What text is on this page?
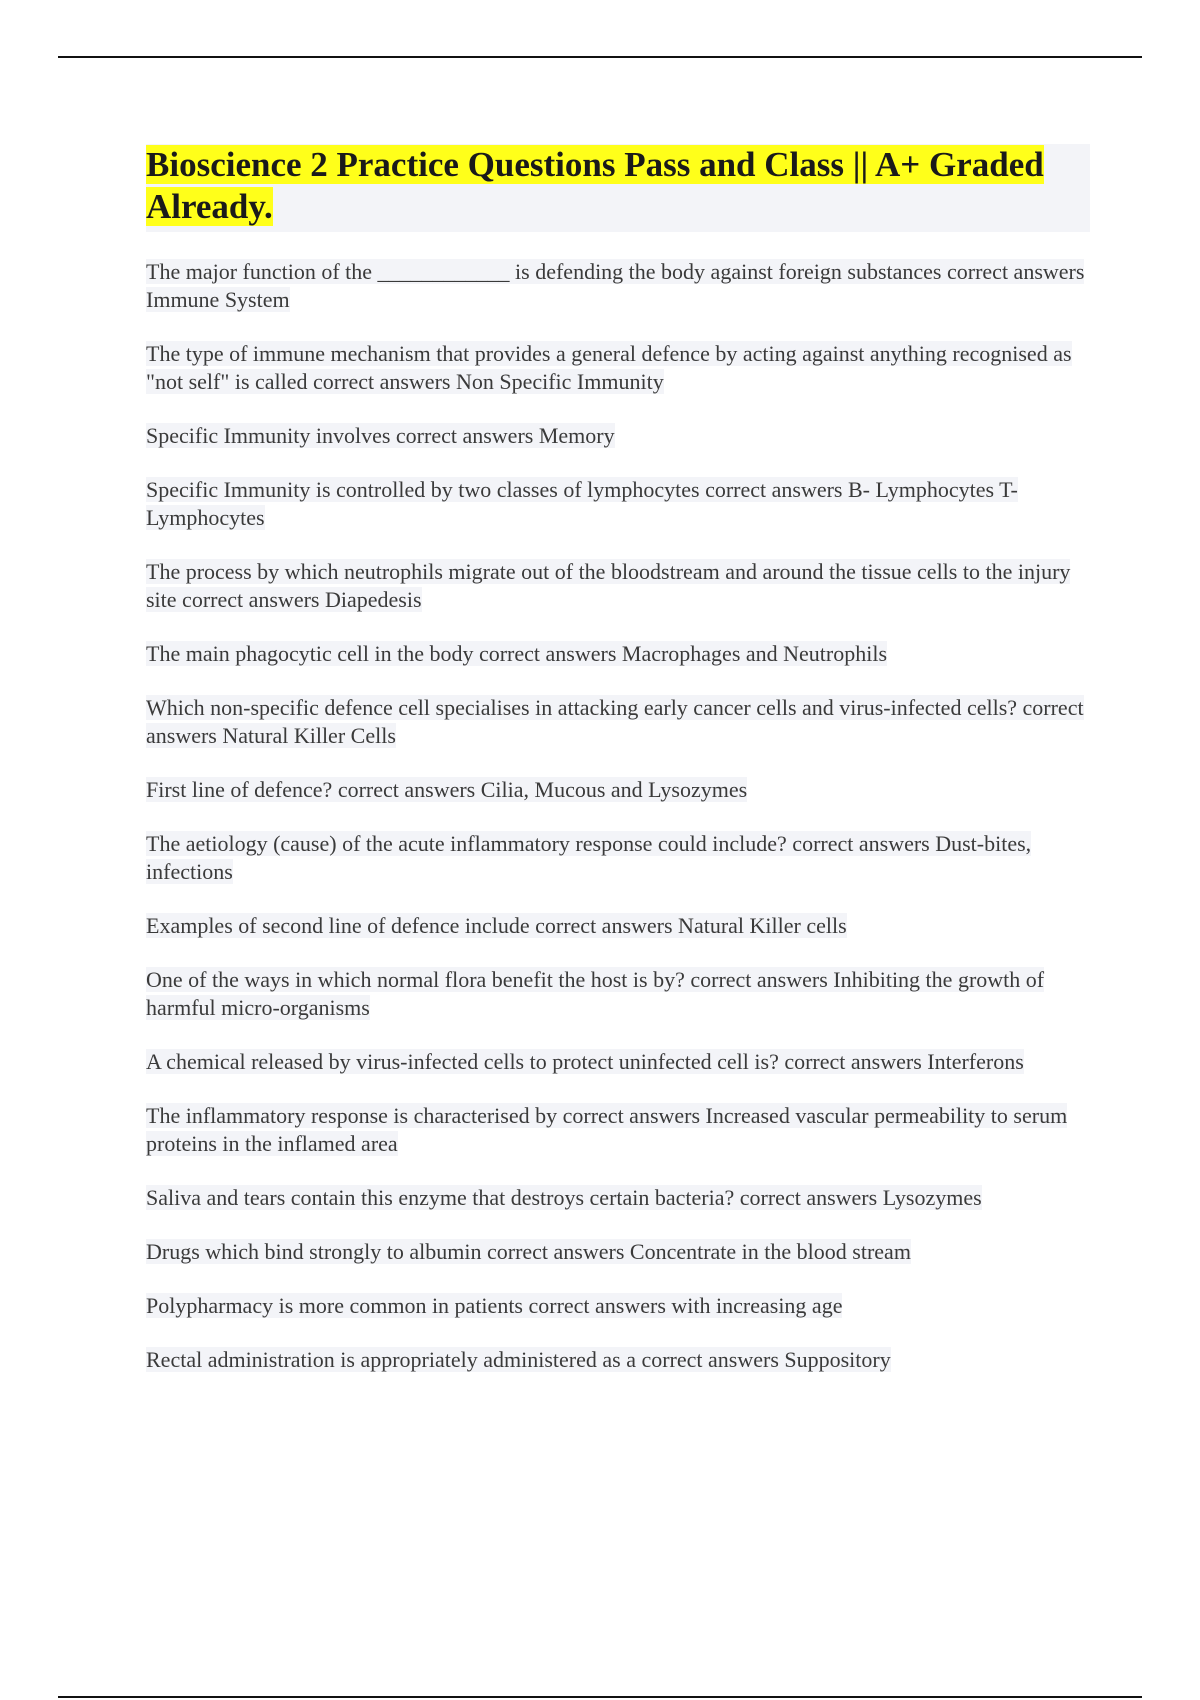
Bioscience 2 Practice Questions Pass and Class || A+ Graded Already.

The major function of the ____________ is defending the body against foreign substances correct answers Immune System

The type of immune mechanism that provides a general defence by acting against anything recognised as "not self" is called correct answers Non Specific Immunity

Specific Immunity involves correct answers Memory

Specific Immunity is controlled by two classes of lymphocytes correct answers B- Lymphocytes T- Lymphocytes

The process by which neutrophils migrate out of the bloodstream and around the tissue cells to the injury site correct answers Diapedesis

The main phagocytic cell in the body correct answers Macrophages and Neutrophils

Which non-specific defence cell specialises in attacking early cancer cells and virus-infected cells? correct answers Natural Killer Cells

First line of defence? correct answers Cilia, Mucous and Lysozymes

The aetiology (cause) of the acute inflammatory response could include? correct answers Dust-bites, infections

Examples of second line of defence include correct answers Natural Killer cells

One of the ways in which normal flora benefit the host is by? correct answers Inhibiting the growth of harmful micro-organisms

A chemical released by virus-infected cells to protect uninfected cell is? correct answers Interferons

The inflammatory response is characterised by correct answers Increased vascular permeability to serum proteins in the inflamed area

Saliva and tears contain this enzyme that destroys certain bacteria? correct answers Lysozymes

Drugs which bind strongly to albumin correct answers Concentrate in the blood stream

Polypharmacy is more common in patients correct answers with increasing age

Rectal administration is appropriately administered as a correct answers Suppository
